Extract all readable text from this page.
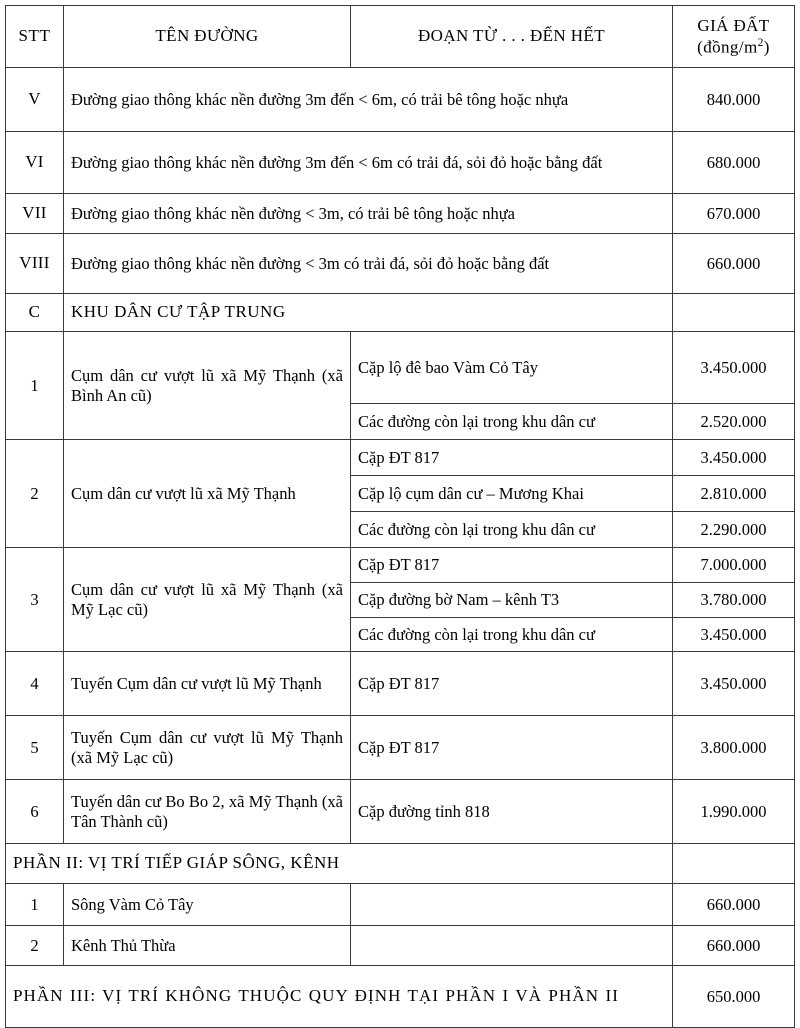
STT	TÊN ĐƯỜNG	ĐOẠN TỪ . . . ĐẾN HẾT	GIÁ ĐẤT
$(đồng/m^2)$

V	Đường giao thông khác nền đường 3m đến < 6m, có trải bê tông hoặc nhựa		840.000
VI	Đường giao thông khác nền đường 3m đến < 6m có trải đá, sỏi đỏ hoặc bằng đất		680.000
VII	Đường giao thông khác nền đường < 3m, có trải bê tông hoặc nhựa		670.000
VIII	Đường giao thông khác nền đường < 3m có trải đá, sỏi đỏ hoặc bằng đất		660.000
C	KHU DÂN CƯ TẬP TRUNG		
1	Cụm dân cư vượt lũ xã Mỹ Thạnh (xã Bình An cũ)	Cặp lộ đê bao Vàm Cỏ Tây	3.450.000
		Các đường còn lại trong khu dân cư	2.520.000
2	Cụm dân cư vượt lũ xã Mỹ Thạnh	Cặp ĐT 817	3.450.000
		Cặp lộ cụm dân cư – Mương Khai	2.810.000
		Các đường còn lại trong khu dân cư	2.290.000
3	Cụm dân cư vượt lũ xã Mỹ Thạnh (xã Mỹ Lạc cũ)	Cặp ĐT 817	7.000.000
		Cặp đường bờ Nam – kênh T3	3.780.000
		Các đường còn lại trong khu dân cư	3.450.000
4	Tuyến Cụm dân cư vượt lũ Mỹ Thạnh	Cặp ĐT 817	3.450.000
5	Tuyến Cụm dân cư vượt lũ Mỹ Thạnh (xã Mỹ Lạc cũ)	Cặp ĐT 817	3.800.000
6	Tuyến dân cư Bo Bo 2, xã Mỹ Thạnh (xã Tân Thành cũ)	Cặp đường tỉnh 818	1.990.000
PHẦN II: VỊ TRÍ TIẾP GIÁP SÔNG, KÊNH			
1	Sông Vàm Cỏ Tây		660.000
2	Kênh Thủ Thừa		660.000
PHẦN III: VỊ TRÍ KHÔNG THUỘC QUY ĐỊNH TẠI PHẦN I VÀ PHẦN II			650.000
